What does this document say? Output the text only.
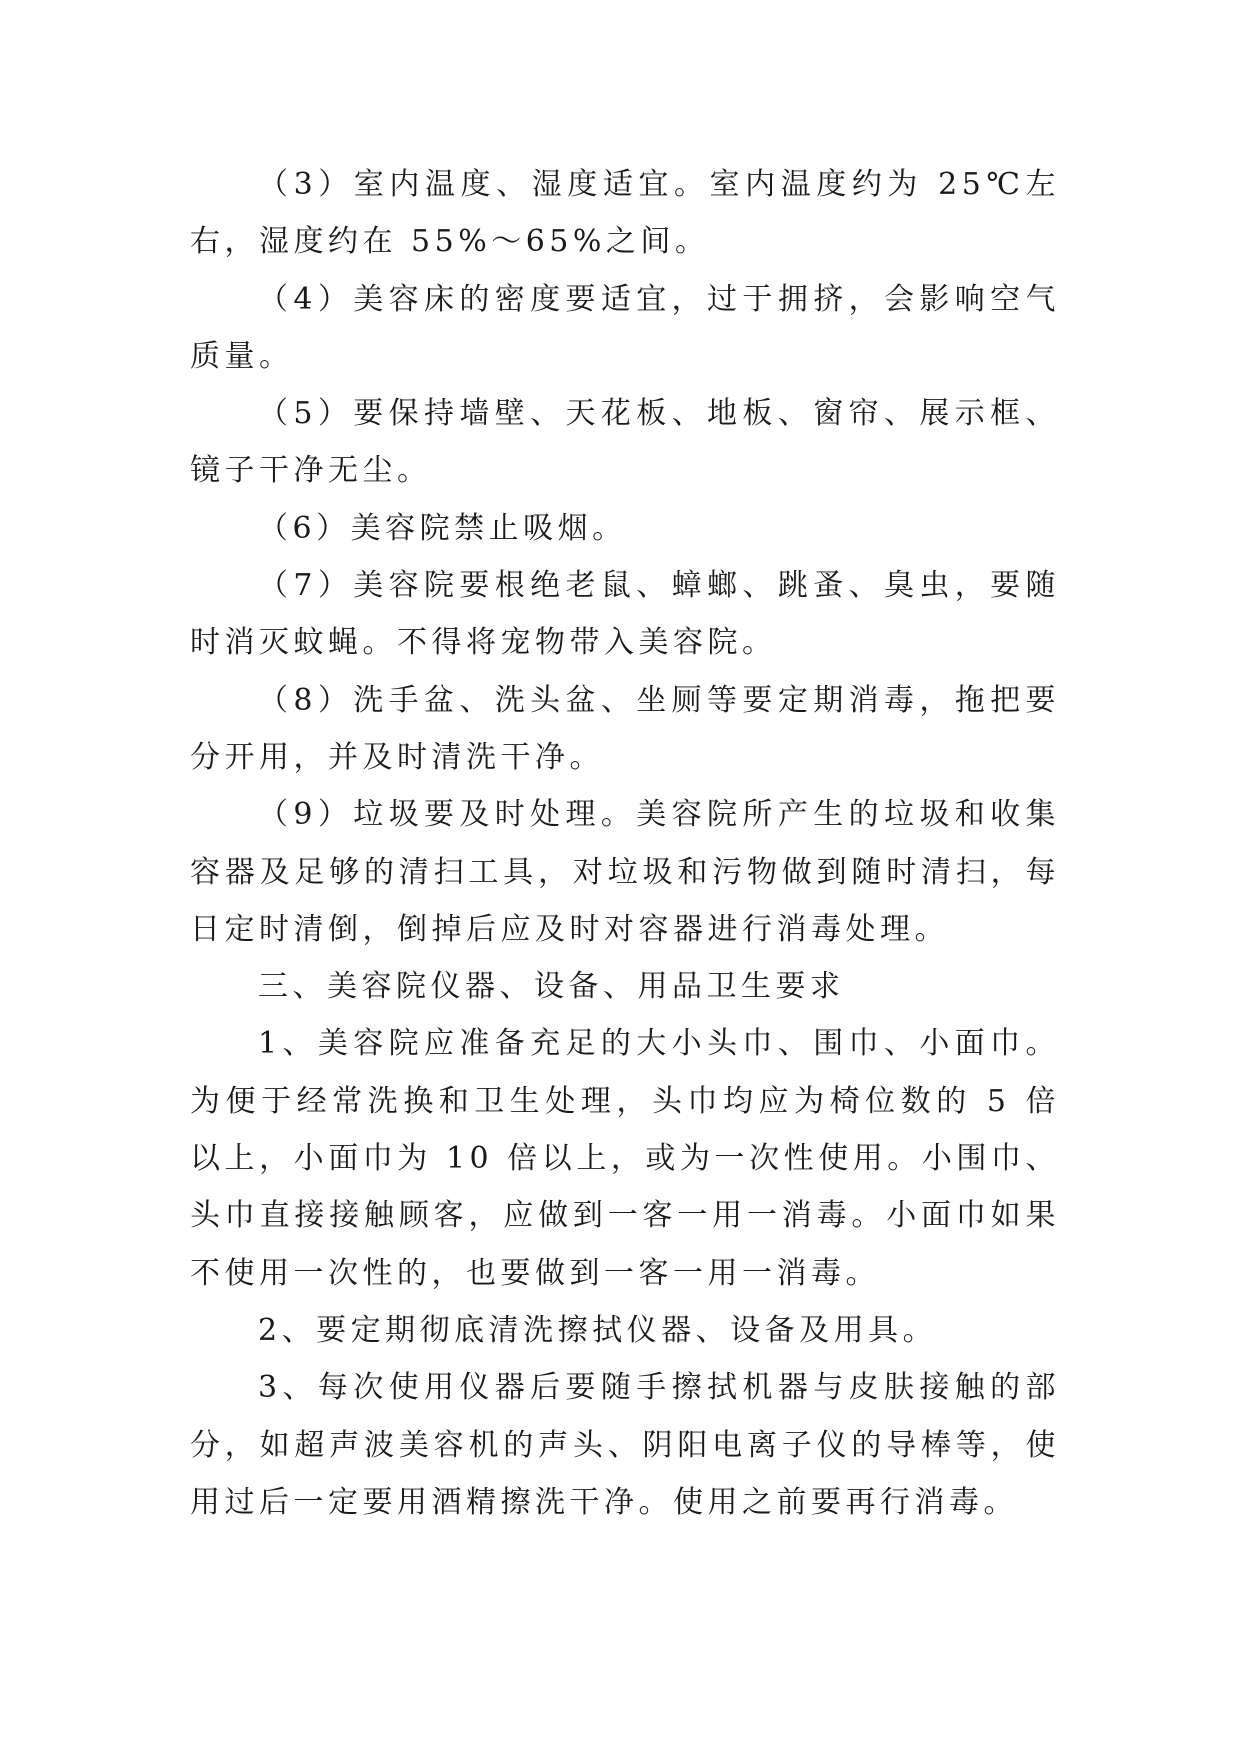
（3）室内温度、湿度适宜。室内温度约为 25℃左右，湿度约在 55%～65%之间。

（4）美容床的密度要适宜，过于拥挤，会影响空气质量。

（5）要保持墙壁、天花板、地板、窗帘、展示框、镜子干净无尘。

（6）美容院禁止吸烟。

（7）美容院要根绝老鼠、蟑螂、跳蚤、臭虫，要随时消灭蚊蝇。不得将宠物带入美容院。

（8）洗手盆、洗头盆、坐厕等要定期消毒，拖把要分开用，并及时清洗干净。

（9）垃圾要及时处理。美容院所产生的垃圾和收集容器及足够的清扫工具，对垃圾和污物做到随时清扫，每日定时清倒，倒掉后应及时对容器进行消毒处理。

三、美容院仪器、设备、用品卫生要求

1、美容院应准备充足的大小头巾、围巾、小面巾。为便于经常洗换和卫生处理，头巾均应为椅位数的 5 倍以上，小面巾为 10 倍以上，或为一次性使用。小围巾、头巾直接接触顾客，应做到一客一用一消毒。小面巾如果不使用一次性的，也要做到一客一用一消毒。

2、要定期彻底清洗擦拭仪器、设备及用具。

3、每次使用仪器后要随手擦拭机器与皮肤接触的部分，如超声波美容机的声头、阴阳电离子仪的导棒等，使用过后一定要用酒精擦洗干净。使用之前要再行消毒。
